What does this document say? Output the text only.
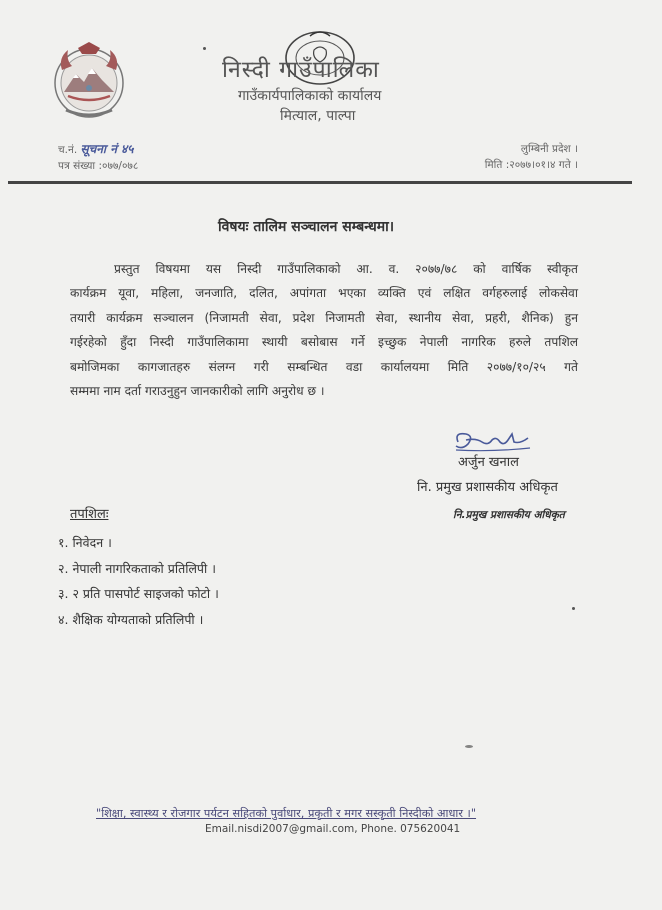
निस्दी गाउँपालिका
गाउँकार्यपालिकाको कार्यालय
मित्याल, पाल्पा
च.नं. सूचना नं ४५
पत्र संख्या :०७७/०७८
लुम्बिनी प्रदेश ।
मिति :२०७७।०१।४ गते ।
विषयः तालिम सञ्चालन सम्बन्धमा।
प्रस्तुत विषयमा यस निस्दी गाउँपालिकाको आ. व. २०७७/७८ को वार्षिक स्वीकृत
कार्यक्रम यूवा, महिला, जनजाति, दलित, अपांगता भएका व्यक्ति एवं लक्षित वर्गहरुलाई लोकसेवा
तयारी कार्यक्रम सञ्चालन (निजामती सेवा, प्रदेश निजामती सेवा, स्थानीय सेवा, प्रहरी, शैनिक) हुन
गईरहेको हुँदा निस्दी गाउँपालिकामा स्थायी बसोबास गर्ने इच्छुक नेपाली नागरिक हरुले तपशिल
बमोजिमका कागजातहरु संलग्न गरी सम्बन्धित वडा कार्यालयमा मिति २०७७/१०/२५ गते
सम्ममा नाम दर्ता गराउनुहुन जानकारीको लागि अनुरोध छ ।
अर्जुन खनाल
नि. प्रमुख प्रशासकीय अधिकृत
नि.प्रमुख प्रशासकीय अधिकृत
तपशिलः
१. निवेदन ।
२. नेपाली नागरिकताको प्रतिलिपी ।
३. २ प्रति पासपोर्ट साइजको फोटो ।
४. शैक्षिक योग्यताको प्रतिलिपी ।
"शिक्षा, स्वास्थ्य र रोजगार पर्यटन सहितको पुर्वाधार, प्रकृती र मगर सस्कृती निस्दीको आधार ।"
Email.nisdi2007@gmail.com, Phone. 075620041
